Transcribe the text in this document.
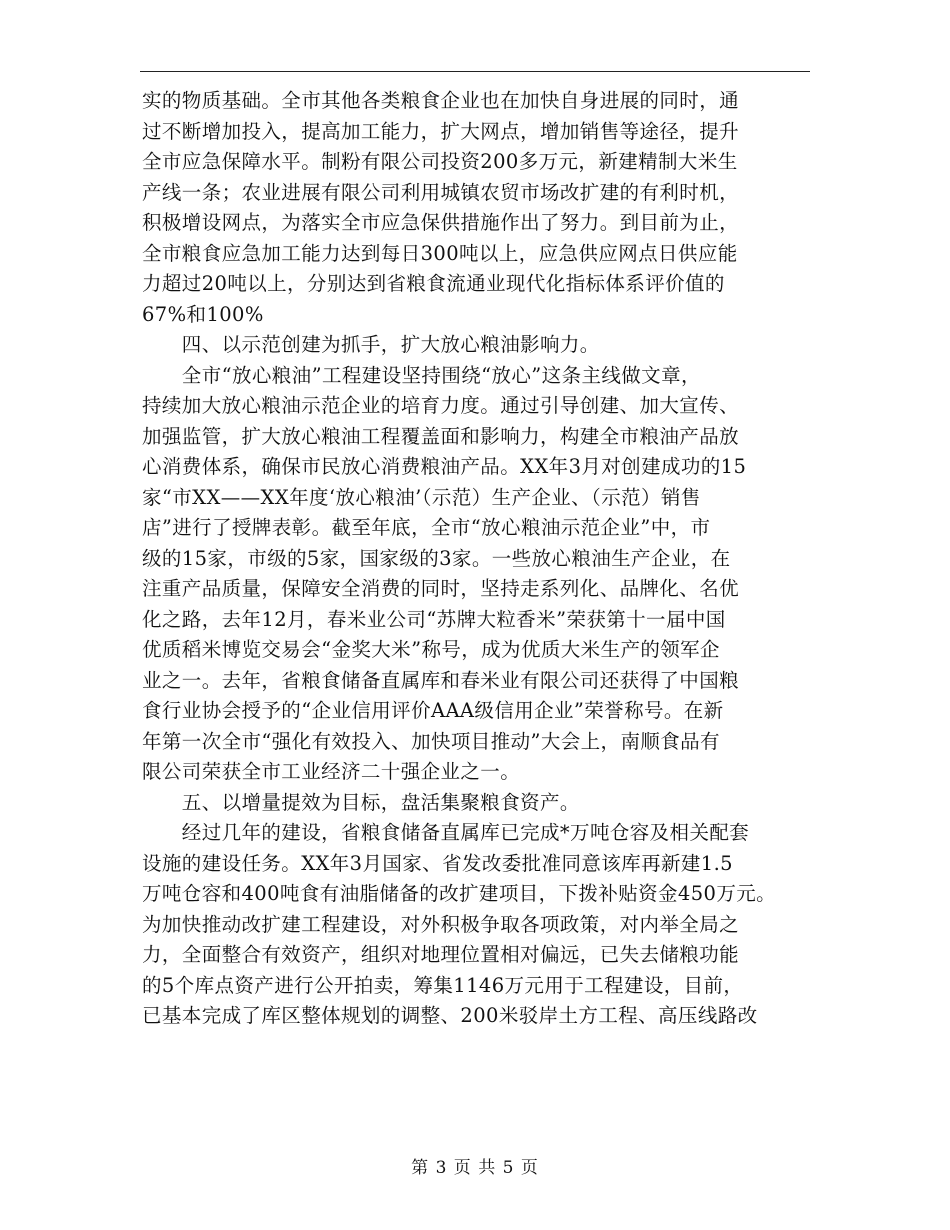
实的物质基础。全市其他各类粮食企业也在加快自身进展的同时，通
过不断增加投入，提高加工能力，扩大网点，增加销售等途径，提升
全市应急保障水平。制粉有限公司投资200多万元，新建精制大米生
产线一条；农业进展有限公司利用城镇农贸市场改扩建的有利时机，
积极增设网点，为落实全市应急保供措施作出了努力。到目前为止，
全市粮食应急加工能力达到每日300吨以上，应急供应网点日供应能
力超过20吨以上，分别达到省粮食流通业现代化指标体系评价值的
67%和100%
　　四、以示范创建为抓手，扩大放心粮油影响力。
　　全市“放心粮油”工程建设坚持围绕“放心”这条主线做文章，
持续加大放心粮油示范企业的培育力度。通过引导创建、加大宣传、
加强监管，扩大放心粮油工程覆盖面和影响力，构建全市粮油产品放
心消费体系，确保市民放心消费粮油产品。XX年3月对创建成功的15
家“市XX——XX年度‘放心粮油’（示范）生产企业、（示范）销售
店”进行了授牌表彰。截至年底，全市“放心粮油示范企业”中，市
级的15家，市级的5家，国家级的3家。一些放心粮油生产企业，在
注重产品质量，保障安全消费的同时，坚持走系列化、品牌化、名优
化之路，去年12月，春米业公司“苏牌大粒香米”荣获第十一届中国
优质稻米博览交易会“金奖大米”称号，成为优质大米生产的领军企
业之一。去年，省粮食储备直属库和春米业有限公司还获得了中国粮
食行业协会授予的“企业信用评价AAA级信用企业”荣誉称号。在新
年第一次全市“强化有效投入、加快项目推动”大会上，南顺食品有
限公司荣获全市工业经济二十强企业之一。
　　五、以增量提效为目标，盘活集聚粮食资产。
　　经过几年的建设，省粮食储备直属库已完成*万吨仓容及相关配套
设施的建设任务。XX年3月国家、省发改委批准同意该库再新建1.5
万吨仓容和400吨食有油脂储备的改扩建项目，下拨补贴资金450万元。
为加快推动改扩建工程建设，对外积极争取各项政策，对内举全局之
力，全面整合有效资产，组织对地理位置相对偏远，已失去储粮功能
的5个库点资产进行公开拍卖，筹集1146万元用于工程建设，目前，
已基本完成了库区整体规划的调整、200米驳岸土方工程、高压线路改
第 3 页 共 5 页
